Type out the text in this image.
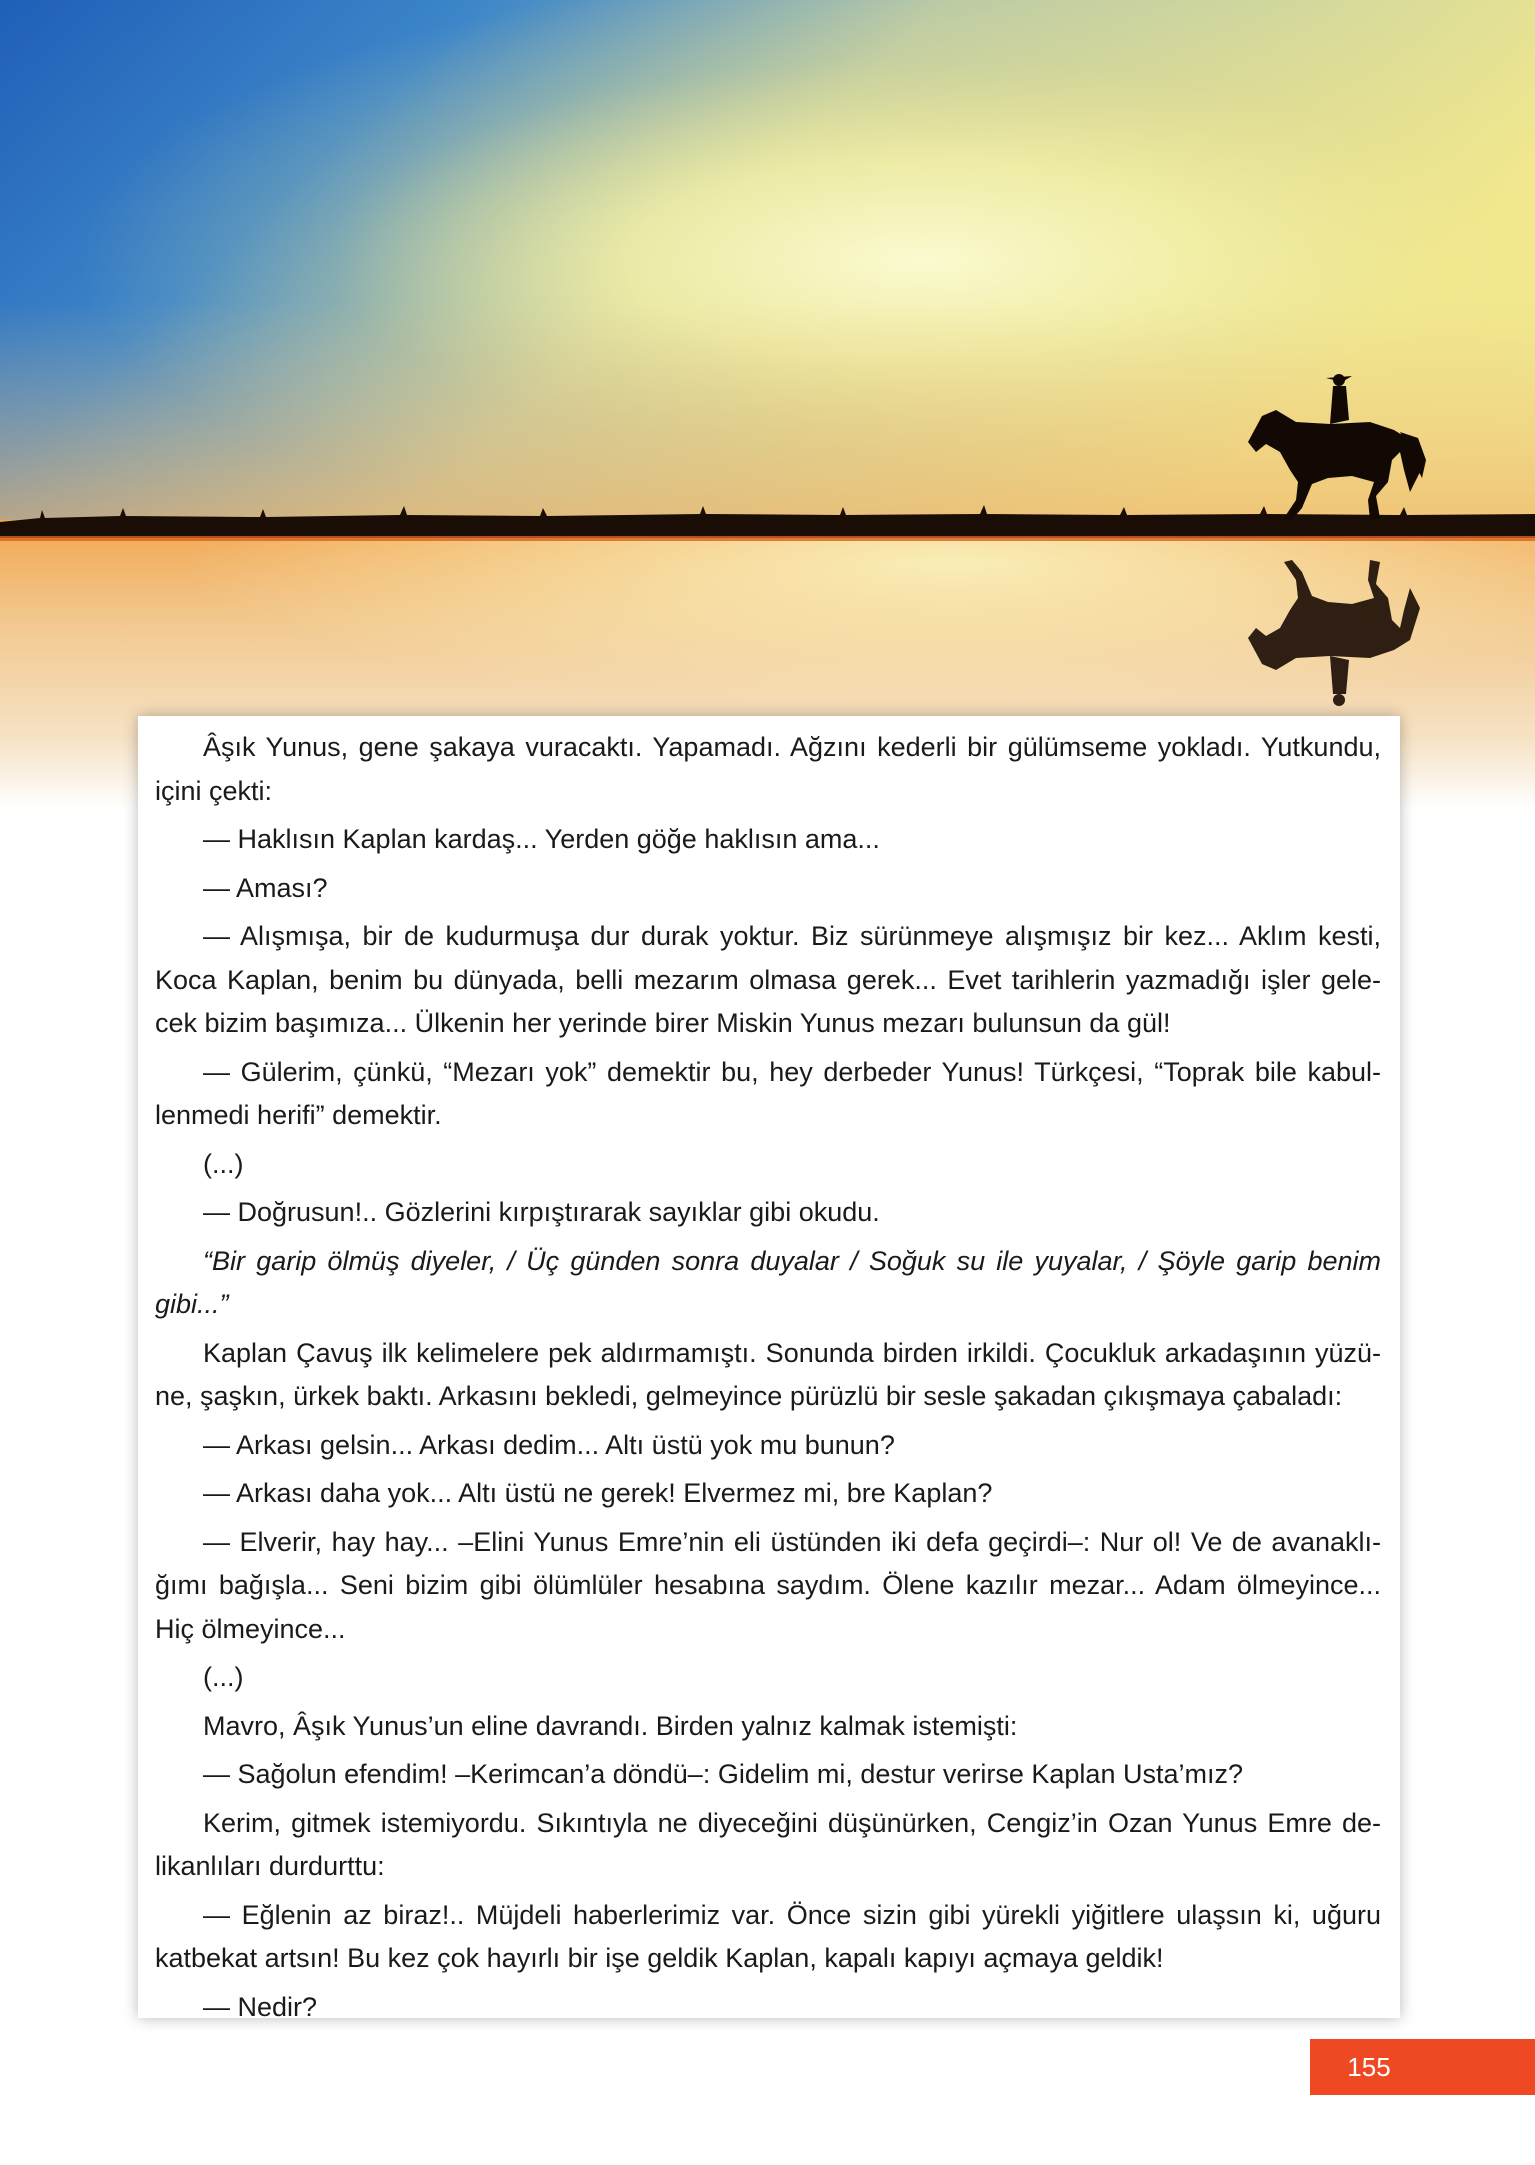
Âşık Yunus, gene şakaya vuracaktı. Yapamadı. Ağzını kederli bir gülümseme yokladı. Yutkundu, içini çekti:

— Haklısın Kaplan kardaş... Yerden göğe haklısın ama...

— Aması?

— Alışmışa, bir de kudurmuşa dur durak yoktur. Biz sürünmeye alışmışız bir kez... Aklım kesti, Koca Kaplan, benim bu dünyada, belli mezarım olmasa gerek... Evet tarihlerin yazmadığı işler gele-cek bizim başımıza... Ülkenin her yerinde birer Miskin Yunus mezarı bulunsun da gül!

— Gülerim, çünkü, “Mezarı yok” demektir bu, hey derbeder Yunus! Türkçesi, “Toprak bile kabul-lenmedi herifi” demektir.

(...)

— Doğrusun!.. Gözlerini kırpıştırarak sayıklar gibi okudu.

“Bir garip ölmüş diyeler, / Üç günden sonra duyalar / Soğuk su ile yuyalar, / Şöyle garip benim gibi...”

Kaplan Çavuş ilk kelimelere pek aldırmamıştı. Sonunda birden irkildi. Çocukluk arkadaşının yüzü-ne, şaşkın, ürkek baktı. Arkasını bekledi, gelmeyince pürüzlü bir sesle şakadan çıkışmaya çabaladı:

— Arkası gelsin... Arkası dedim... Altı üstü yok mu bunun?

— Arkası daha yok... Altı üstü ne gerek! Elvermez mi, bre Kaplan?

— Elverir, hay hay... –Elini Yunus Emre’nin eli üstünden iki defa geçirdi–: Nur ol! Ve de avanaklı-ğımı bağışla... Seni bizim gibi ölümlüler hesabına saydım. Ölene kazılır mezar... Adam ölmeyince... Hiç ölmeyince...

(...)

Mavro, Âşık Yunus’un eline davrandı. Birden yalnız kalmak istemişti:

— Sağolun efendim! –Kerimcan’a döndü–: Gidelim mi, destur verirse Kaplan Usta’mız?

Kerim, gitmek istemiyordu. Sıkıntıyla ne diyeceğini düşünürken, Cengiz’in Ozan Yunus Emre de-likanlıları durdurttu:

— Eğlenin az biraz!.. Müjdeli haberlerimiz var. Önce sizin gibi yürekli yiğitlere ulaşsın ki, uğuru katbekat artsın! Bu kez çok hayırlı bir işe geldik Kaplan, kapalı kapıyı açmaya geldik!

— Nedir?

155
